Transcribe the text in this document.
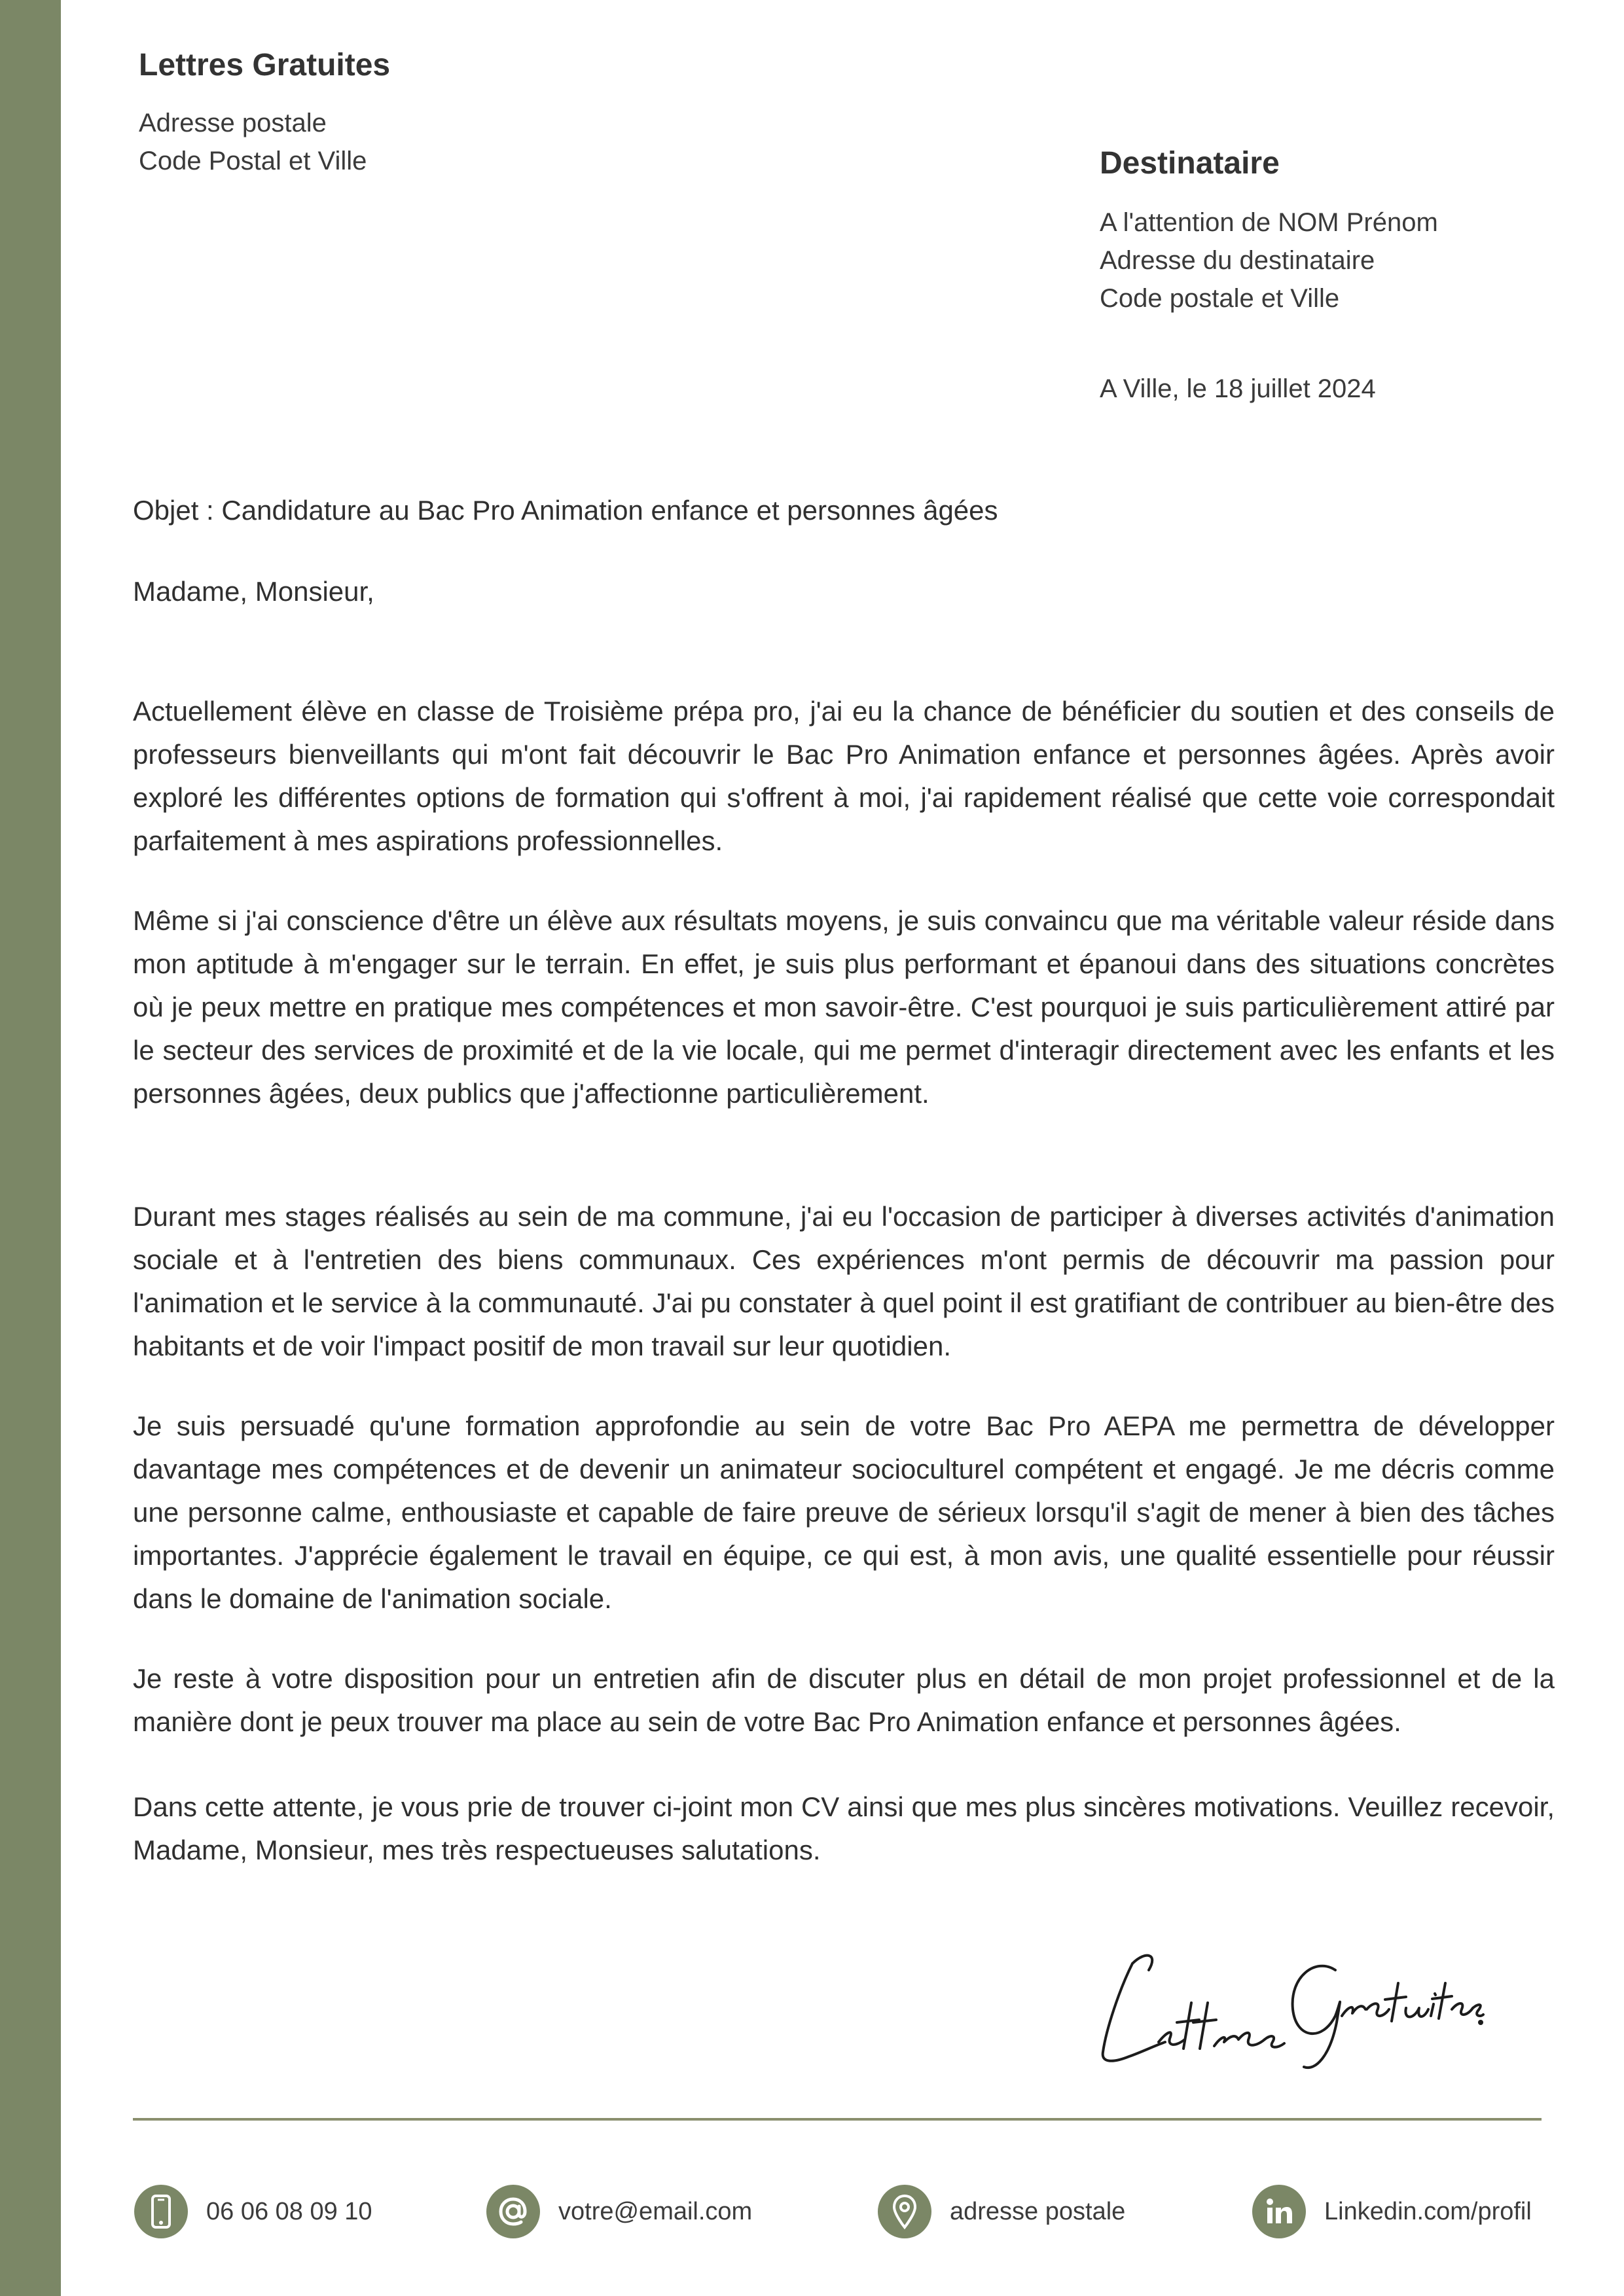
Lettres Gratuites
Adresse postale
Code Postal et Ville	Destinataire
A l'attention de NOM Prénom
Adresse du destinataire
Code postale et Ville
A Ville, le 18 juillet 2024
Objet : Candidature au Bac Pro Animation enfance et personnes âgées
Madame, Monsieur,

Actuellement élève en classe de Troisième prépa pro, j'ai eu la chance de bénéficier du soutien et des conseils de professeurs bienveillants qui m'ont fait découvrir le Bac Pro Animation enfance et personnes âgées. Après avoir exploré les différentes options de formation qui s'offrent à moi, j'ai rapidement réalisé que cette voie correspondait parfaitement à mes aspirations professionnelles.

Même si j'ai conscience d'être un élève aux résultats moyens, je suis convaincu que ma véritable valeur réside dans mon aptitude à m'engager sur le terrain. En effet, je suis plus performant et épanoui dans des situations concrètes où je peux mettre en pratique mes compétences et mon savoir-être. C'est pourquoi je suis particulièrement attiré par le secteur des services de proximité et de la vie locale, qui me permet d'interagir directement avec les enfants et les personnes âgées, deux publics que j'affectionne particulièrement.

Durant mes stages réalisés au sein de ma commune, j'ai eu l'occasion de participer à diverses activités d'animation sociale et à l'entretien des biens communaux. Ces expériences m'ont permis de découvrir ma passion pour l'animation et le service à la communauté. J'ai pu constater à quel point il est gratifiant de contribuer au bien-être des habitants et de voir l'impact positif de mon travail sur leur quotidien.

Je suis persuadé qu'une formation approfondie au sein de votre Bac Pro AEPA me permettra de développer davantage mes compétences et de devenir un animateur socioculturel compétent et engagé. Je me décris comme une personne calme, enthousiaste et capable de faire preuve de sérieux lorsqu'il s'agit de mener à bien des tâches importantes. J'apprécie également le travail en équipe, ce qui est, à mon avis, une qualité essentielle pour réussir dans le domaine de l'animation sociale.

Je reste à votre disposition pour un entretien afin de discuter plus en détail de mon projet professionnel et de la manière dont je peux trouver ma place au sein de votre Bac Pro Animation enfance et personnes âgées.

Dans cette attente, je vous prie de trouver ci-joint mon CV ainsi que mes plus sincères motivations. Veuillez recevoir, Madame, Monsieur, mes très respectueuses salutations.

06 06 08 09 10	votre@email.com	adresse postale	Linkedin.com/profil
